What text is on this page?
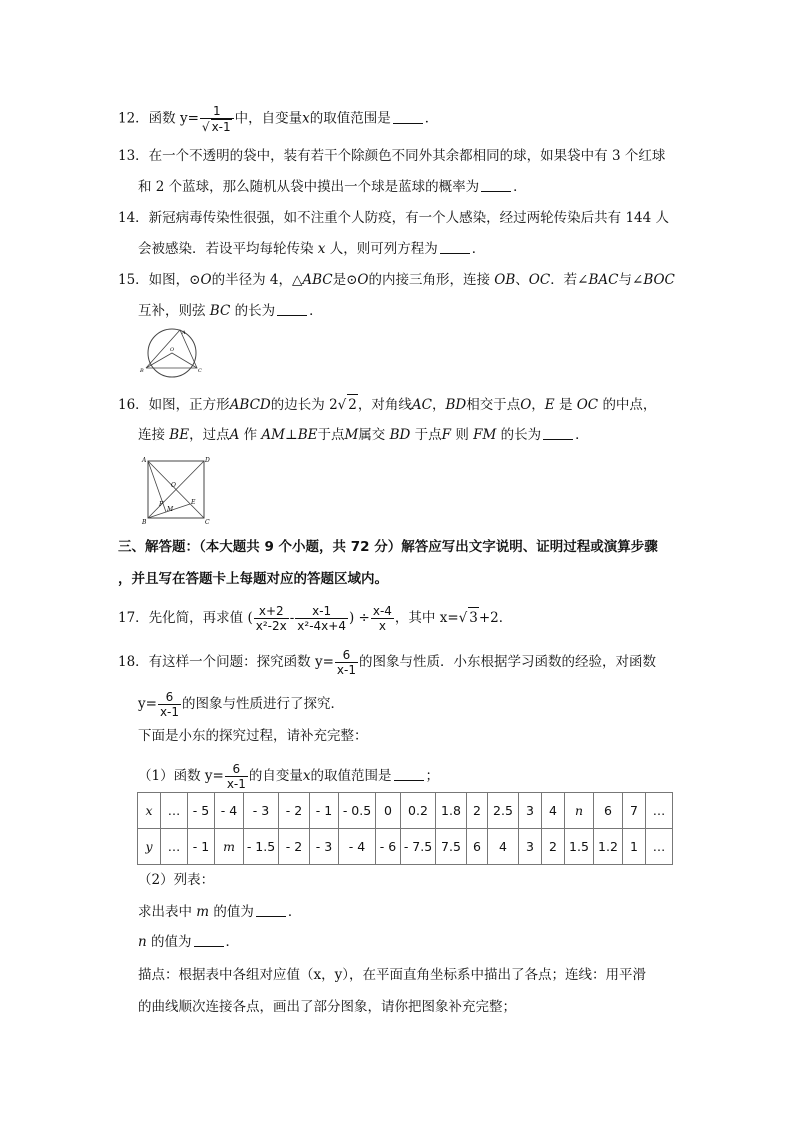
12．函数 $y= \frac{1}{√ x-1}$ 中，自变量x的取值范围是	．
13．在一个不透明的袋中，装有若干个除颜色不同外其余都相同的球，如果袋中有 3 个红球
和 2 个蓝球，那么随机从袋中摸出一个球是蓝球的概率为	．
14．新冠病毒传染性很强，如不注重个人防疫，有一个人感染，经过两轮传染后共有 144 人
会被感染．若设平均每轮传染 x 人，则可列方程为	．
15．如图，⊙O的半径为 4，△ABC是⊙O的内接三角形，连接 OB、OC．若∠BAC与∠BOC
互补，则弦 BC 的长为	．
A
B	C
O
16．如图，正方形ABCD的边长为 2√ 2，对角线AC，BD相交于点O，E 是 OC 的中点，
连接 BE，过点A 作 AM⊥BE于点M属交 BD 于点F 则 FM 的长为	．
A	D
B	C
O
E
F
M
三、解答题：（本大题共 9 个小题，共 72 分）解答应写出文字说明、证明过程或演算步骤
，并且写在答题卡上每题对应的答题区域内。
17．先化简，再求值 ( $\frac{x+2}{\text{x²-2x}} - \frac{x-1}{\text{x²-4x+4}}$ ) ÷ $\frac{x-4}{x}$ ，其中 x=√ 3+2．
18．有这样一个问题：探究函数 $y= \frac{6}{x-1}$ 的图象与性质．小东根据学习函数的经验，对函数
$y= \frac{6}{x-1}$ 的图象与性质进行了探究．
下面是小东的探究过程，请补充完整：
（1）函数 $y= \frac{6}{x-1}$ 的自变量x的取值范围是	；
x	…	- 5	- 4	- 3	- 2	- 1	- 0.5	0	0.2	1.8	2	2.5	3	4	n	6	7	…
y	…	- 1	m	- 1.5	- 2	- 3	- 4	- 6	- 7.5	7.5	6	4	3	2	1.5	1.2	1	…
（2）列表：
求出表中 m 的值为	．
n 的值为	．
描点：根据表中各组对应值（x，y），在平面直角坐标系中描出了各点；连线：用平滑
的曲线顺次连接各点，画出了部分图象，请你把图象补充完整；
